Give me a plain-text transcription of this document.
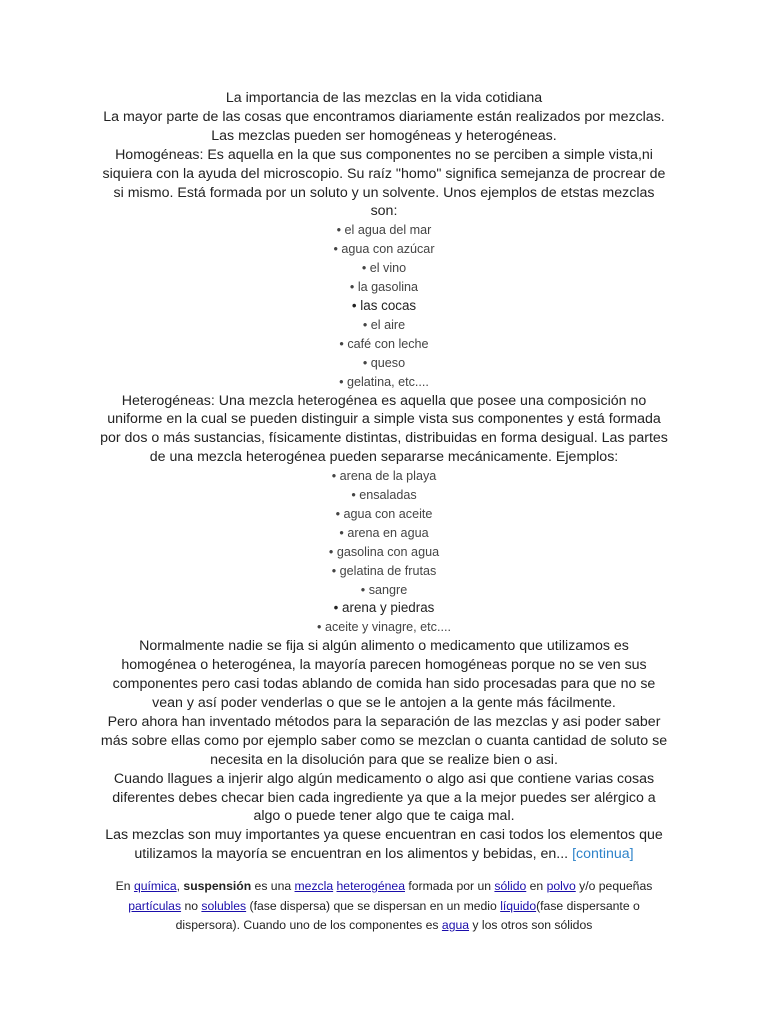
La importancia de las mezclas en la vida cotidiana

La mayor parte de las cosas que encontramos diariamente están realizados por mezclas.

Las mezclas pueden ser homogéneas y heterogéneas.

Homogéneas: Es aquella en la que sus componentes no se perciben a simple vista,ni siquiera con la ayuda del microscopio. Su raíz "homo" significa semejanza de procrear de si mismo. Está formada por un soluto y un solvente. Unos ejemplos de etstas mezclas son:

• el agua del mar
• agua con azúcar
• el vino
• la gasolina
• las cocas
• el aire
• café con leche
• queso
• gelatina, etc....

Heterogéneas: Una mezcla heterogénea es aquella que posee una composición no uniforme en la cual se pueden distinguir a simple vista sus componentes y está formada por dos o más sustancias, físicamente distintas, distribuidas en forma desigual. Las partes de una mezcla heterogénea pueden separarse mecánicamente. Ejemplos:

• arena de la playa
• ensaladas
• agua con aceite
• arena en agua
• gasolina con agua
• gelatina de frutas
• sangre
• arena y piedras
• aceite y vinagre, etc....

Normalmente nadie se fija si algún alimento o medicamento que utilizamos es homogénea o heterogénea, la mayoría parecen homogéneas porque no se ven sus componentes pero casi todas ablando de comida han sido procesadas para que no se vean y así poder venderlas o que se le antojen a la gente más fácilmente.

Pero ahora han inventado métodos para la separación de las mezclas y asi poder saber más sobre ellas como por ejemplo saber como se mezclan o cuanta cantidad de soluto se necesita en la disolución para que se realize bien o asi.

Cuando llagues a injerir algo algún medicamento o algo asi que contiene varias cosas diferentes debes checar bien cada ingrediente ya que a la mejor puedes ser alérgico a algo o puede tener algo que te caiga mal.

Las mezclas son muy importantes ya quese encuentran en casi todos los elementos que utilizamos la mayoría se encuentran en los alimentos y bebidas, en... [continua]

En química, suspensión es una mezcla heterogénea formada por un sólido en polvo y/o pequeñas partículas no solubles (fase dispersa) que se dispersan en un medio líquido(fase dispersante o dispersora). Cuando uno de los componentes es agua y los otros son sólidos
